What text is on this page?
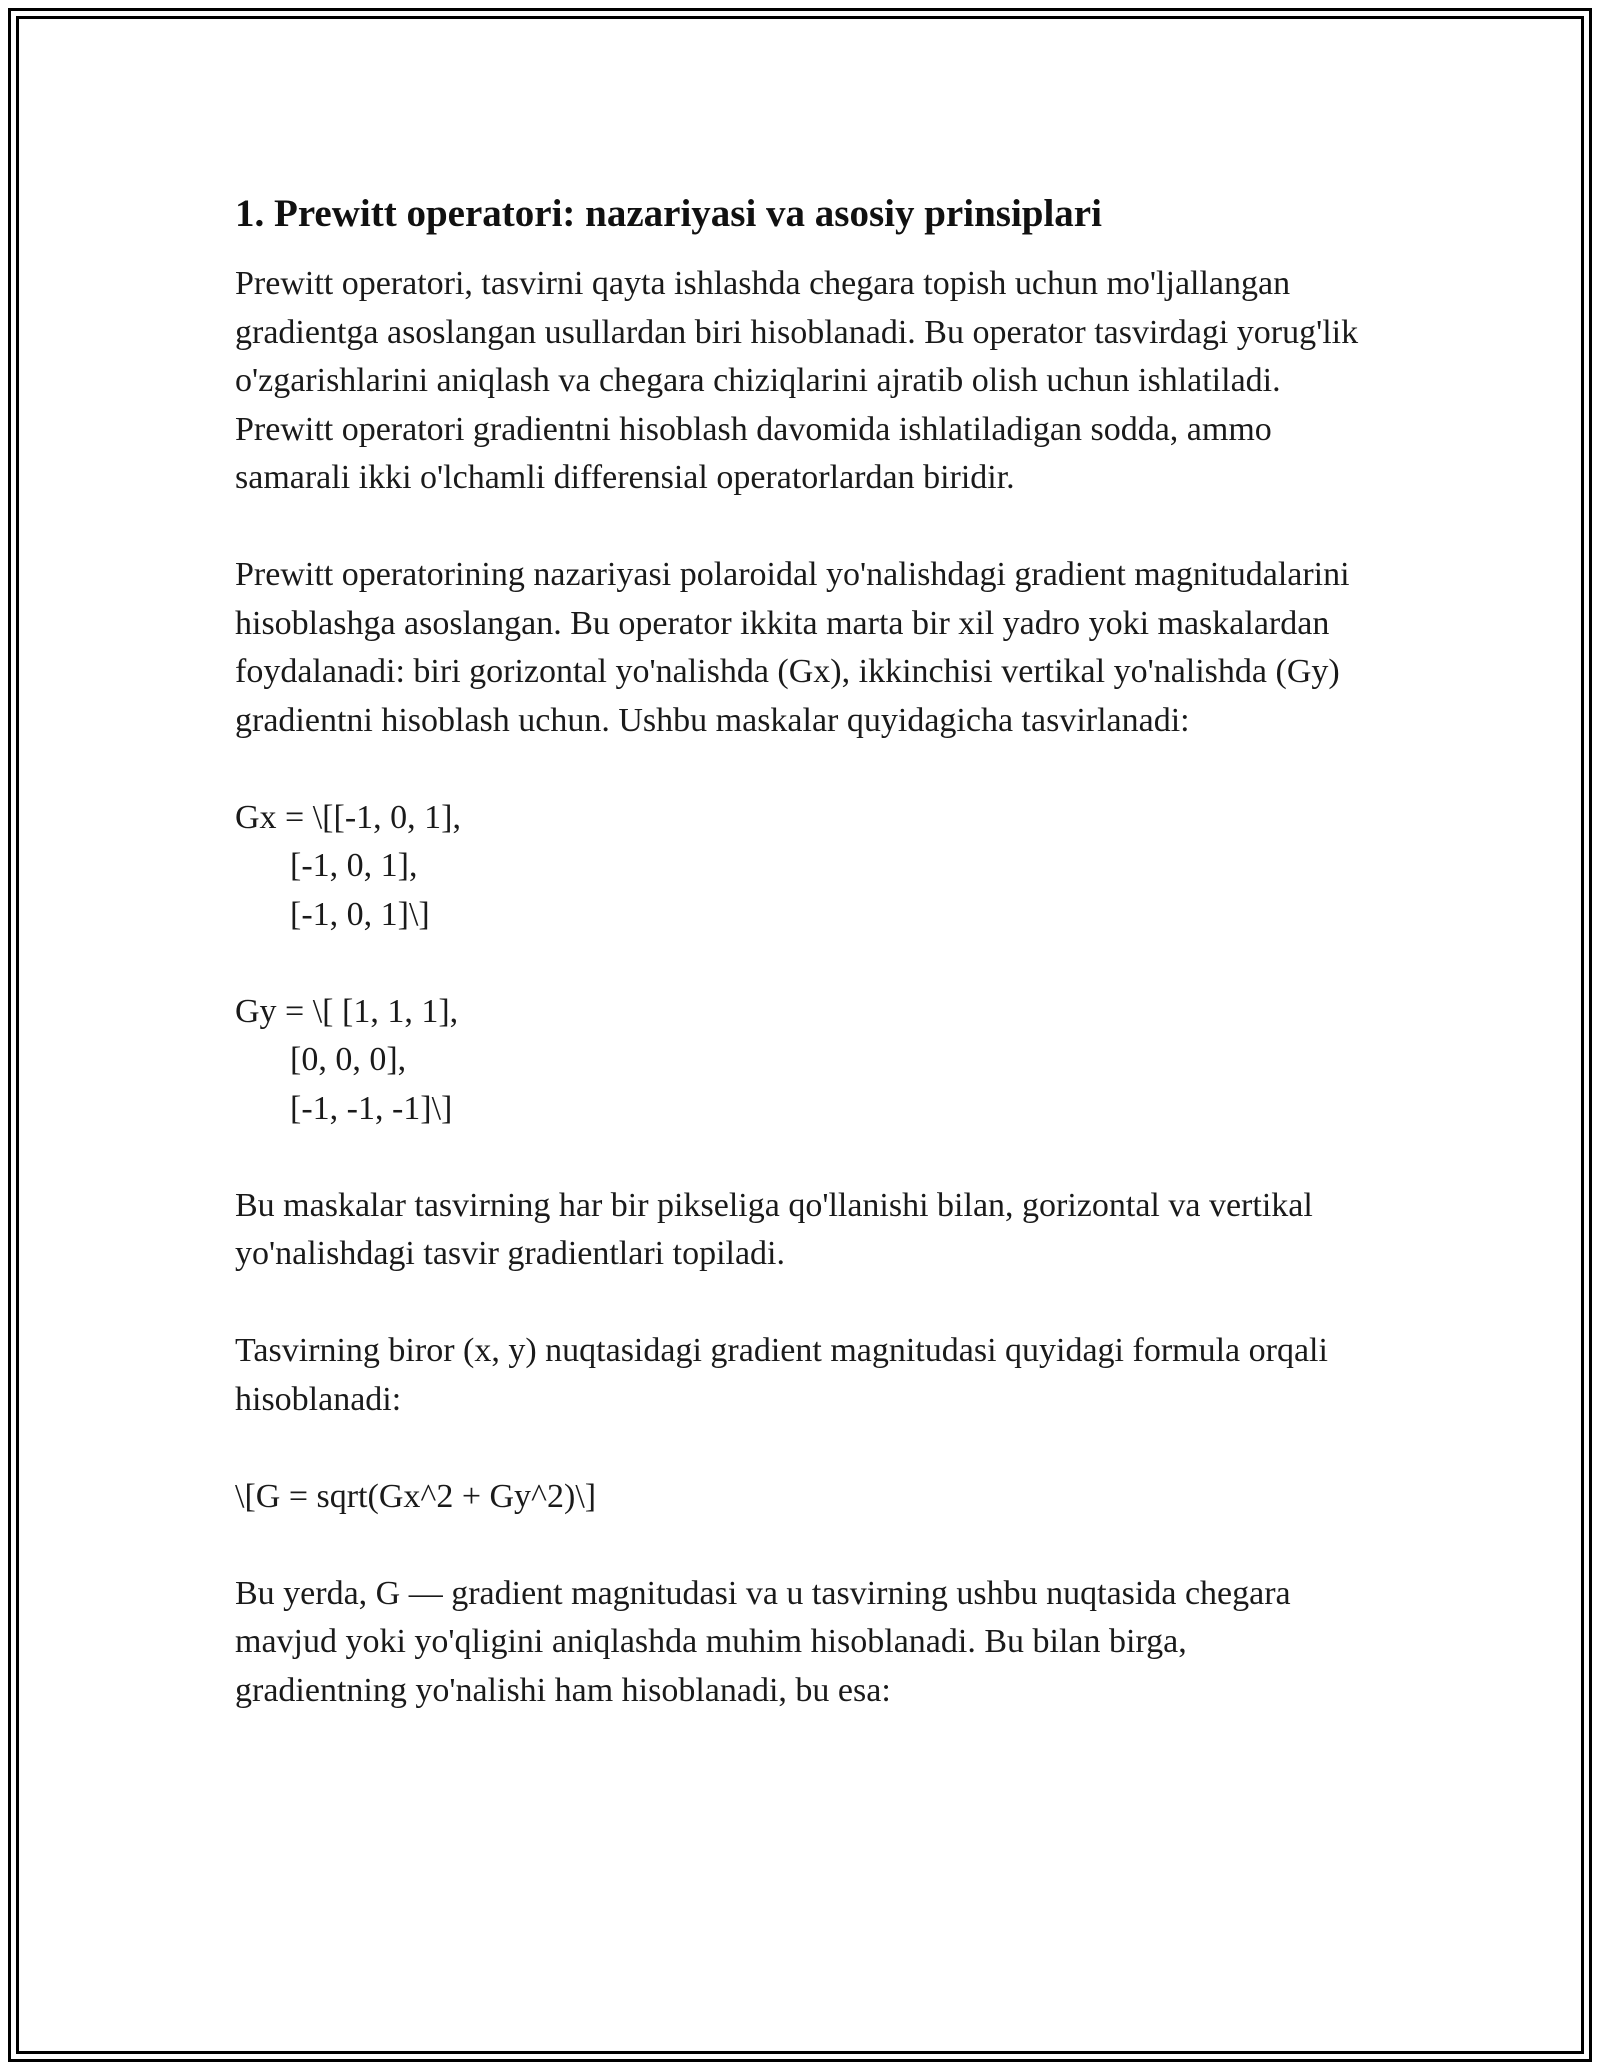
1. Prewitt operatori: nazariyasi va asosiy prinsiplari

Prewitt operatori, tasvirni qayta ishlashda chegara topish uchun mo'ljallangan gradientga asoslangan usullardan biri hisoblanadi. Bu operator tasvirdagi yorug'lik o'zgarishlarini aniqlash va chegara chiziqlarini ajratib olish uchun ishlatiladi. Prewitt operatori gradientni hisoblash davomida ishlatiladigan sodda, ammo samarali ikki o'lchamli differensial operatorlardan biridir.

Prewitt operatorining nazariyasi polaroidal yo'nalishdagi gradient magnitudalarini hisoblashga asoslangan. Bu operator ikkita marta bir xil yadro yoki maskalardan foydalanadi: biri gorizontal yo'nalishda (Gx), ikkinchisi vertikal yo'nalishda (Gy) gradientni hisoblash uchun. Ushbu maskalar quyidagicha tasvirlanadi:

Gx = \[[-1, 0, 1],
[-1, 0, 1],
[-1, 0, 1]\]
Gy = \[ [1, 1, 1],
[0, 0, 0],
[-1, -1, -1]\]

Bu maskalar tasvirning har bir pikseliga qo'llanishi bilan, gorizontal va vertikal yo'nalishdagi tasvir gradientlari topiladi.

Tasvirning biror (x, y) nuqtasidagi gradient magnitudasi quyidagi formula orqali hisoblanadi:

\[G = sqrt(Gx^2 + Gy^2)\]

Bu yerda, G — gradient magnitudasi va u tasvirning ushbu nuqtasida chegara mavjud yoki yo'qligini aniqlashda muhim hisoblanadi. Bu bilan birga, gradientning yo'nalishi ham hisoblanadi, bu esa:
